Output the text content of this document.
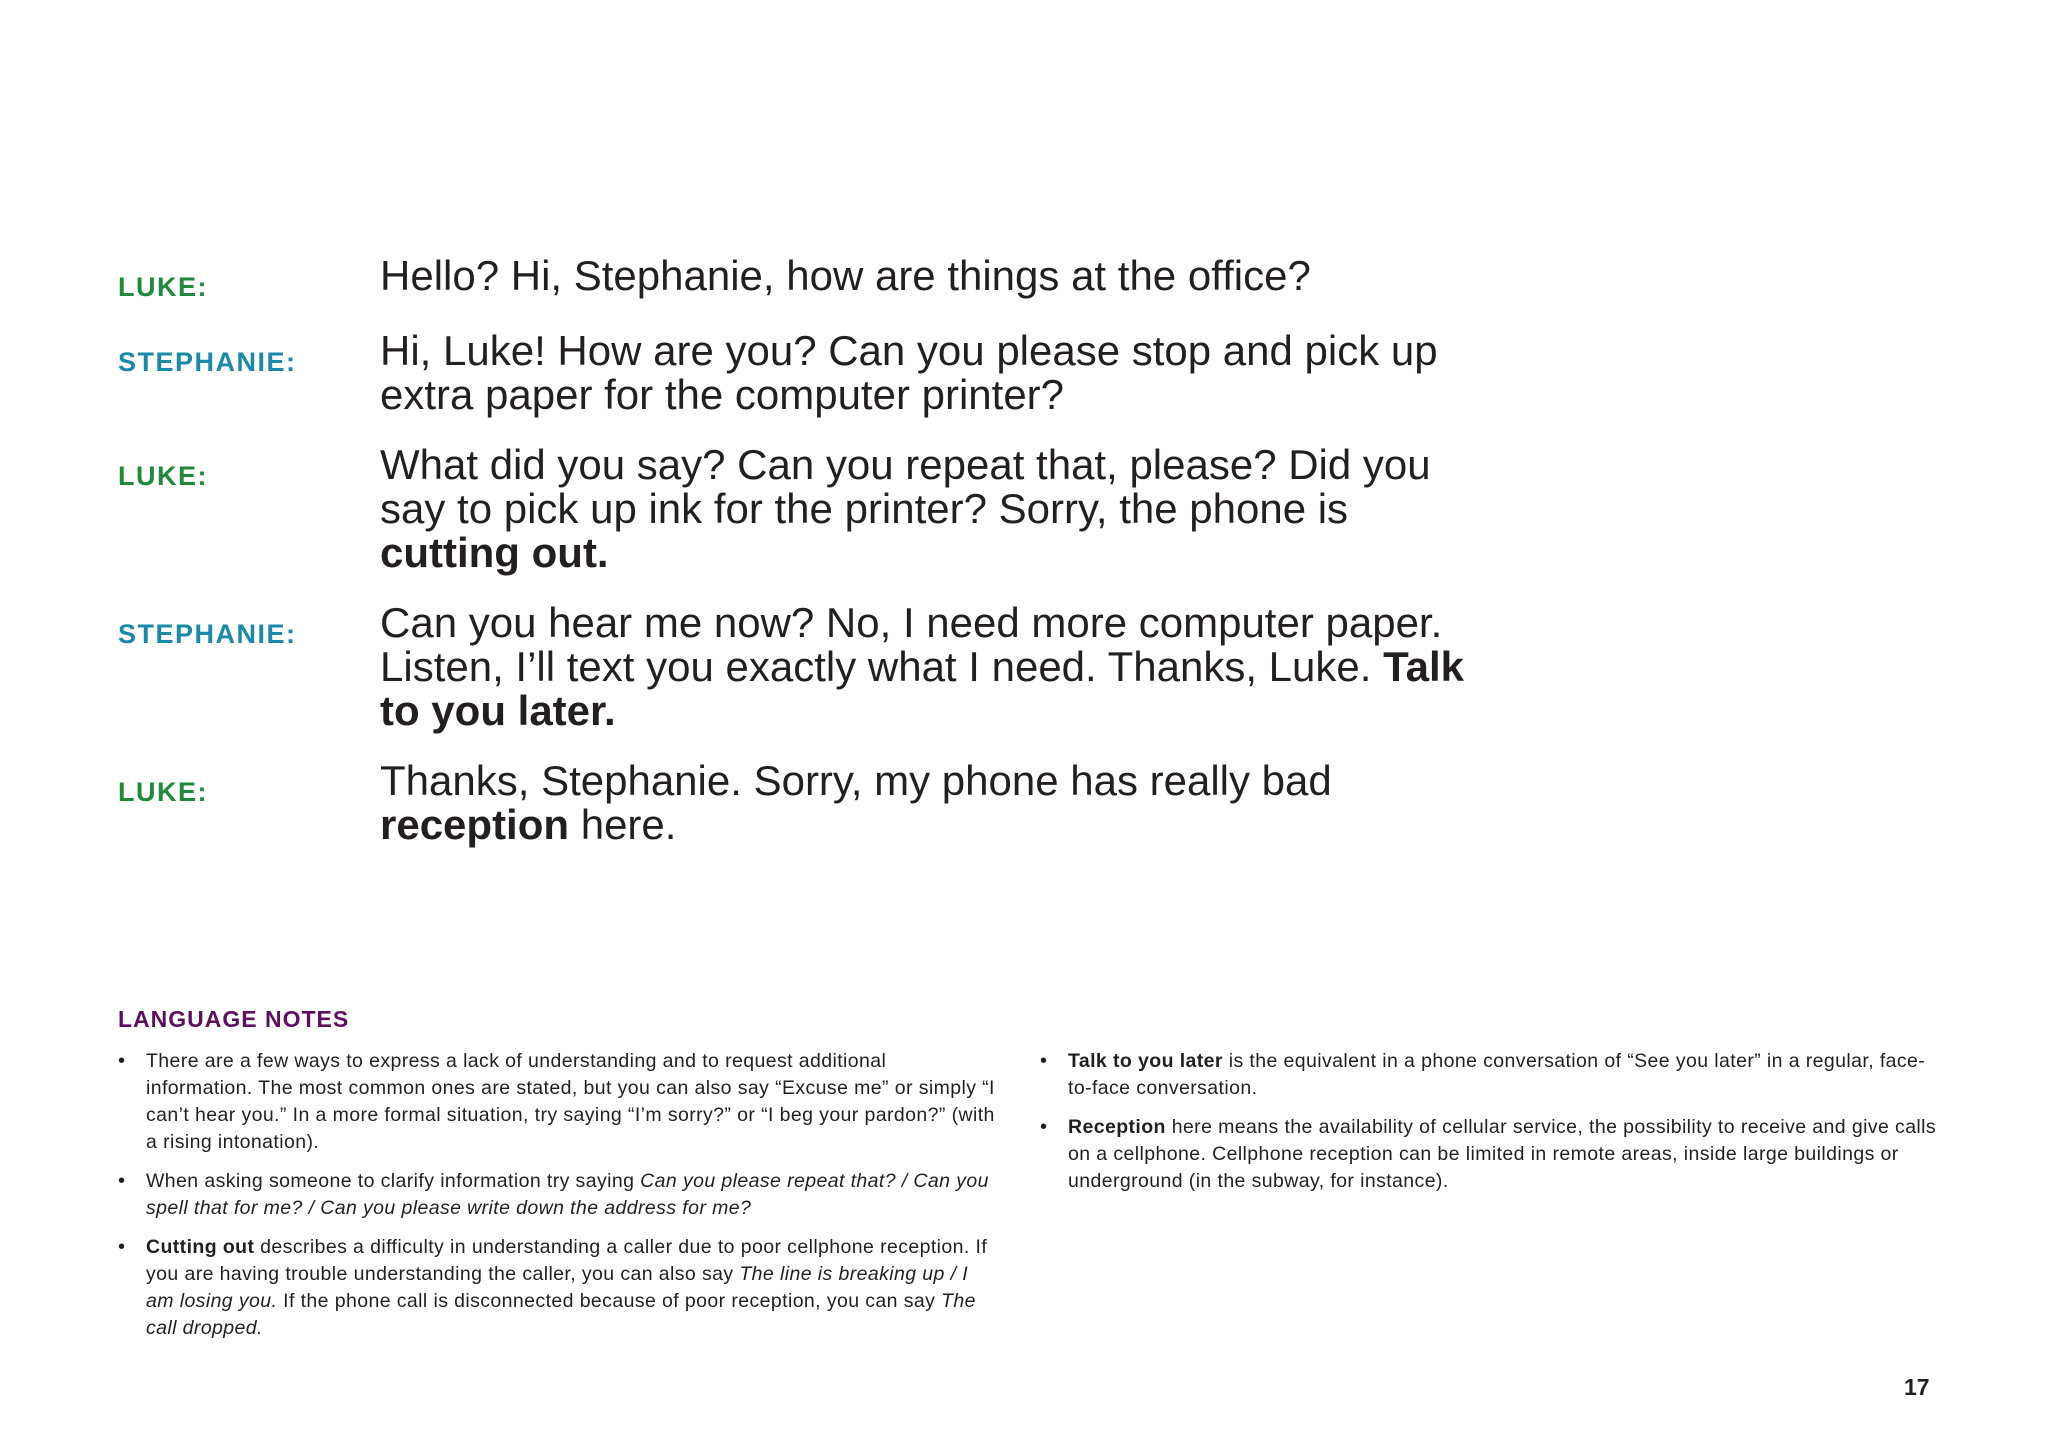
LUKE:	Hello? Hi, Stephanie, how are things at the office?
STEPHANIE:	Hi, Luke! How are you? Can you please stop and pick up extra paper for the computer printer?
LUKE:	What did you say? Can you repeat that, please? Did you say to pick up ink for the printer? Sorry, the phone is cutting out.
STEPHANIE:	Can you hear me now? No, I need more computer paper. Listen, I’ll text you exactly what I need. Thanks, Luke. Talk to you later.
LUKE:	Thanks, Stephanie. Sorry, my phone has really bad reception here.
LANGUAGE NOTES
• There are a few ways to express a lack of understanding and to request additional information. The most common ones are stated, but you can also say “Excuse me” or simply “I can’t hear you.” In a more formal situation, try saying “I’m sorry?” or “I beg your pardon?” (with a rising intonation).
• When asking someone to clarify information try saying Can you please repeat that? / Can you spell that for me? / Can you please write down the address for me?
• Cutting out describes a difficulty in understanding a caller due to poor cellphone reception. If you are having trouble understanding the caller, you can also say The line is breaking up / I am losing you. If the phone call is disconnected because of poor reception, you can say The call dropped.
• Talk to you later is the equivalent in a phone conversation of “See you later” in a regular, face-to-face conversation.
• Reception here means the availability of cellular service, the possibility to receive and give calls on a cellphone. Cellphone reception can be limited in remote areas, inside large buildings or underground (in the subway, for instance).
17
